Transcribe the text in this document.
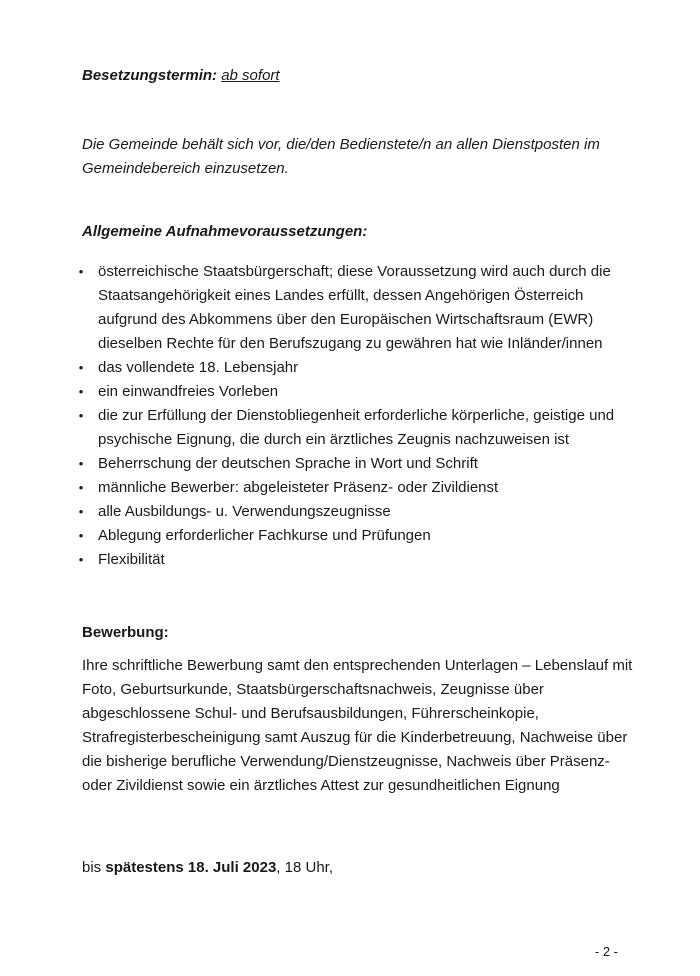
Besetzungstermin: ab sofort

Die Gemeinde behält sich vor, die/den Bedienstete/n an allen Dienstposten im Gemeindebereich einzusetzen.

Allgemeine Aufnahmevoraussetzungen:
• österreichische Staatsbürgerschaft; diese Voraussetzung wird auch durch die Staatsangehörigkeit eines Landes erfüllt, dessen Angehörigen Österreich aufgrund des Abkommens über den Europäischen Wirtschaftsraum (EWR) dieselben Rechte für den Berufszugang zu gewähren hat wie Inländer/innen
• das vollendete 18. Lebensjahr
• ein einwandfreies Vorleben
• die zur Erfüllung der Dienstobliegenheit erforderliche körperliche, geistige und psychische Eignung, die durch ein ärztliches Zeugnis nachzuweisen ist
• Beherrschung der deutschen Sprache in Wort und Schrift
• männliche Bewerber: abgeleisteter Präsenz- oder Zivildienst
• alle Ausbildungs- u. Verwendungszeugnisse
• Ablegung erforderlicher Fachkurse und Prüfungen
• Flexibilität
Bewerbung:

Ihre schriftliche Bewerbung samt den entsprechenden Unterlagen – Lebenslauf mit Foto, Geburtsurkunde, Staatsbürgerschaftsnachweis, Zeugnisse über abgeschlossene Schul- und Berufsausbildungen, Führerscheinkopie, Strafregisterbescheinigung samt Auszug für die Kinderbetreuung, Nachweise über die bisherige berufliche Verwendung/Dienstzeugnisse, Nachweis über Präsenz- oder Zivildienst sowie ein ärztliches Attest zur gesundheitlichen Eignung

bis spätestens 18. Juli 2023, 18 Uhr,
- 2 -
